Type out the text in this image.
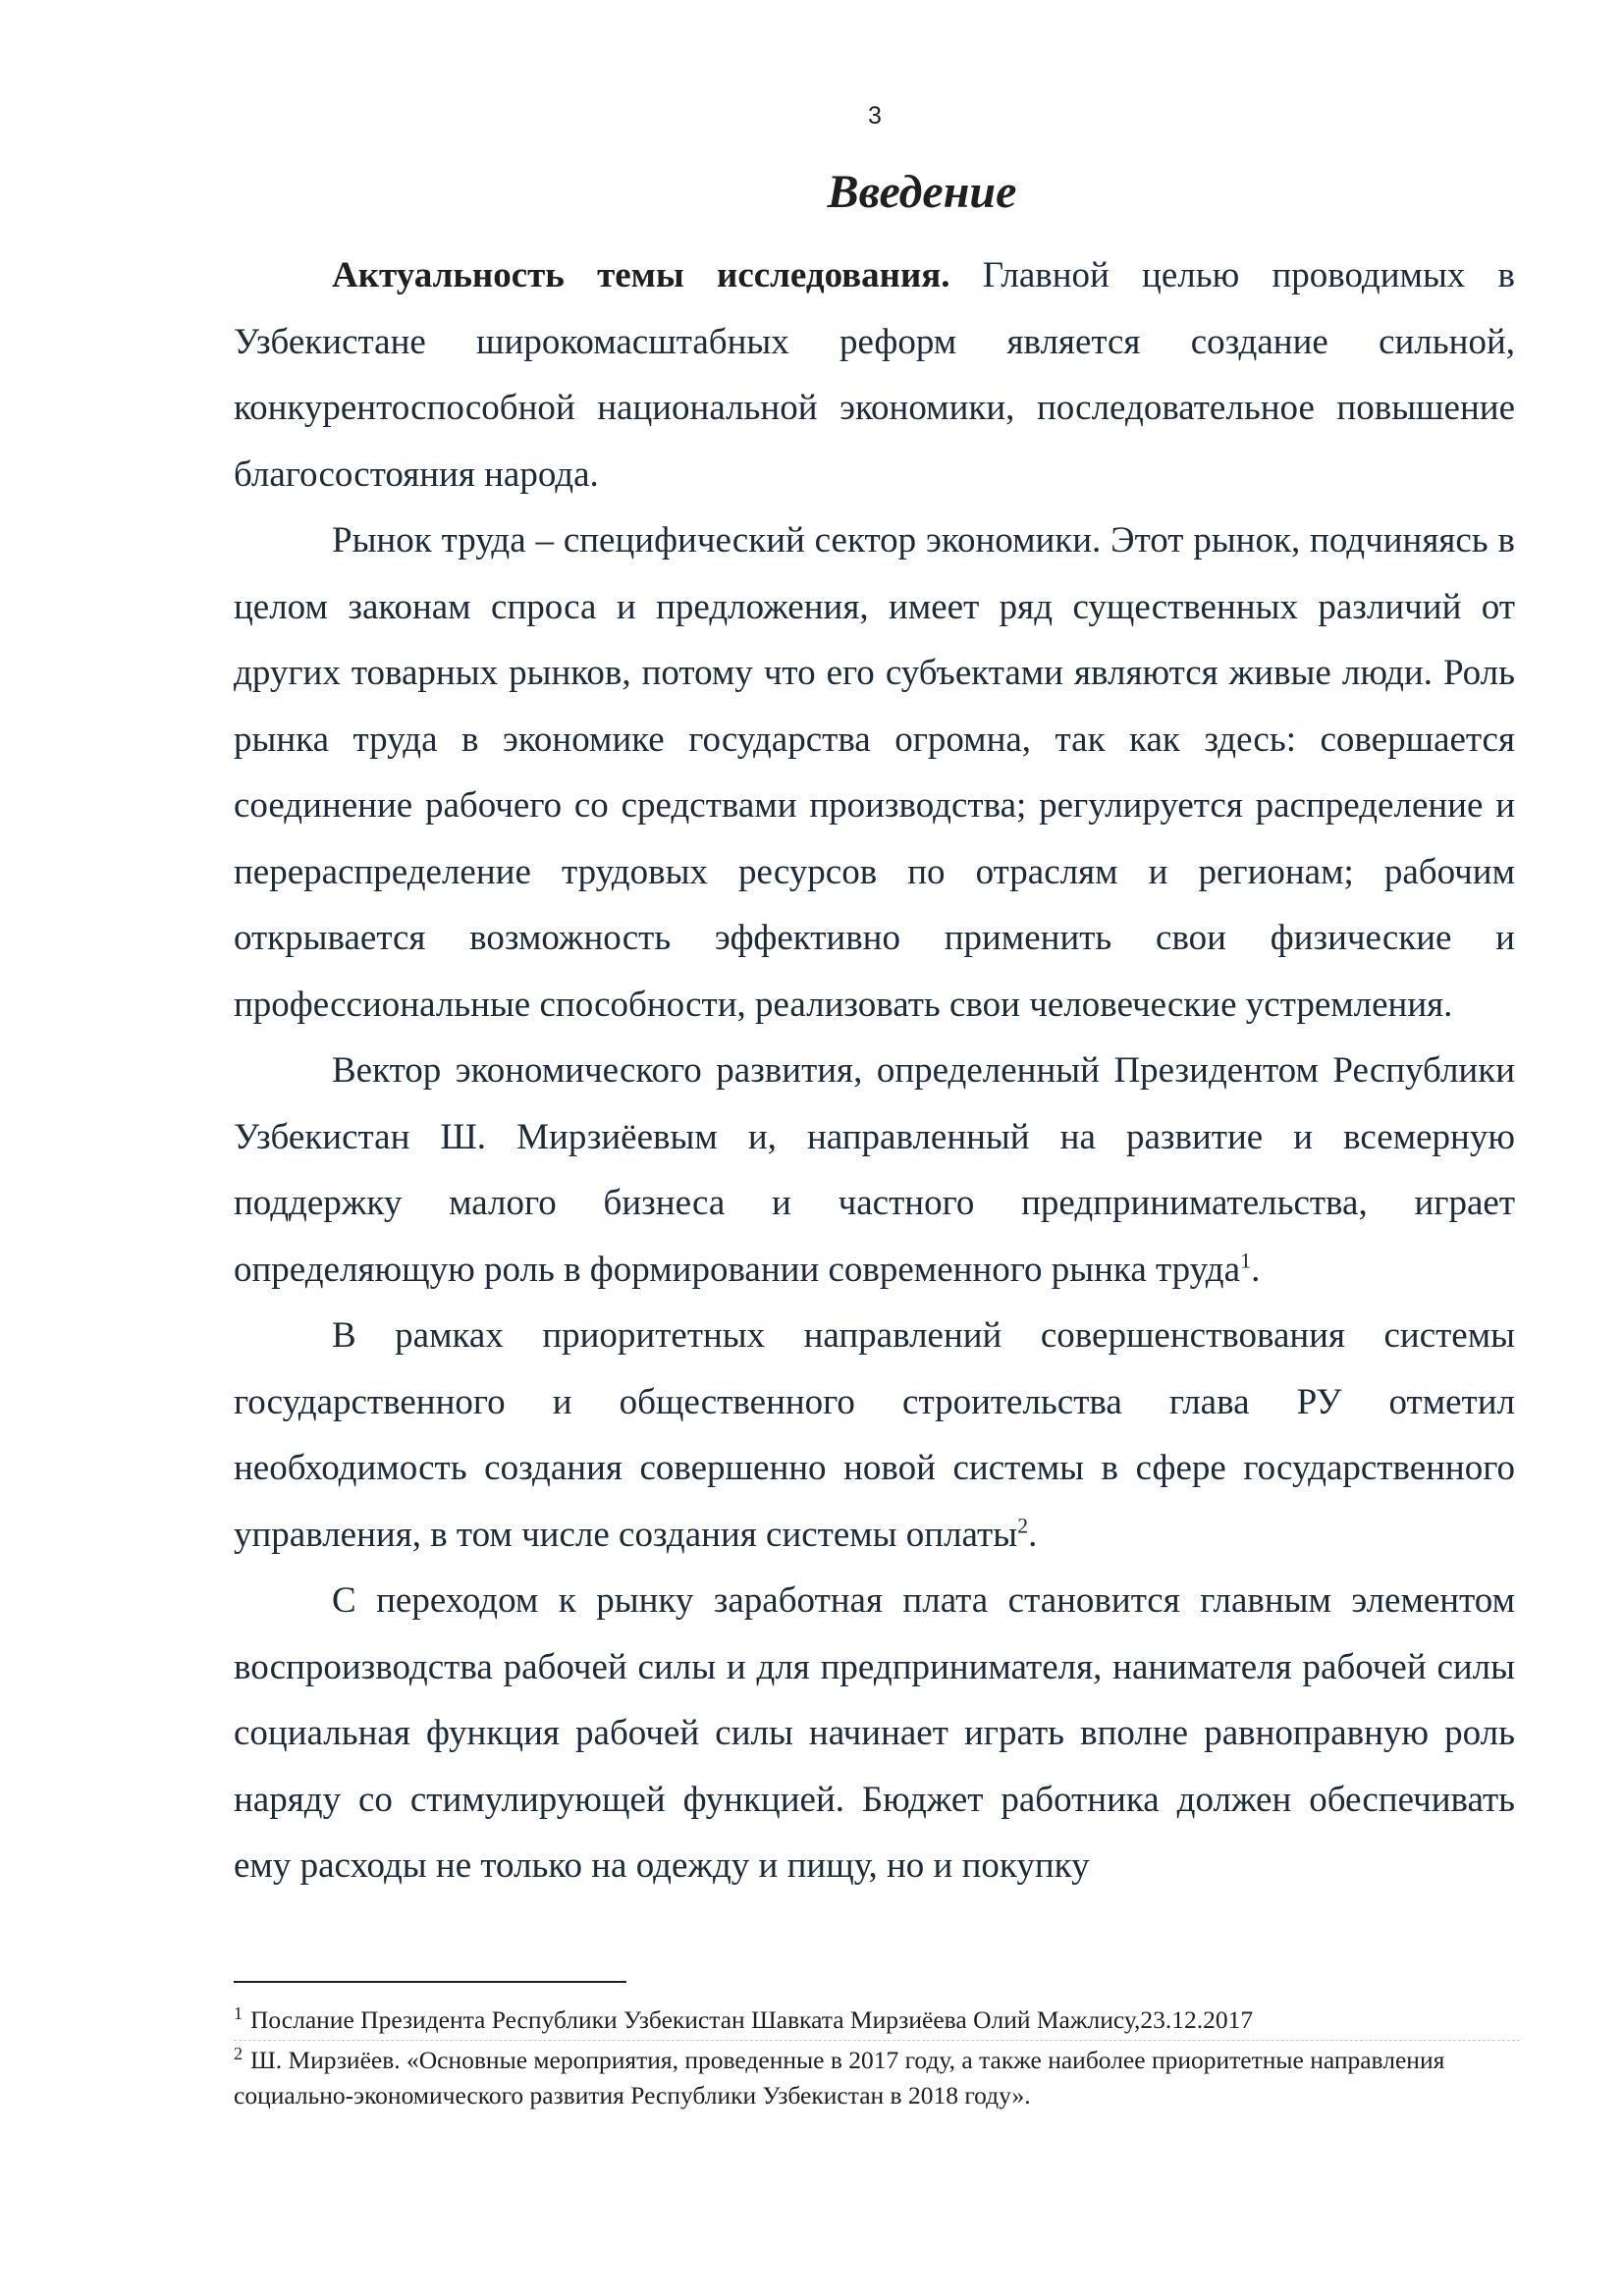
3
Введение

Актуальность темы исследования. Главной целью проводимых в Узбекистане широкомасштабных реформ является создание сильной, конкурентоспособной национальной экономики, последовательное повышение благосостояния народа.

Рынок труда – специфический сектор экономики. Этот рынок, подчиняясь в целом законам спроса и предложения, имеет ряд существенных различий от других товарных рынков, потому что его субъектами являются живые люди. Роль рынка труда в экономике государства огромна, так как здесь: совершается соединение рабочего со средствами производства; регулируется распределение и перераспределение трудовых ресурсов по отраслям и регионам; рабочим открывается возможность эффективно применить свои физические и профессиональные способности, реализовать свои человеческие устремления.

Вектор экономического развития, определенный Президентом Республики Узбекистан Ш. Мирзиёевым и, направленный на развитие и всемерную поддержку малого бизнеса и частного предпринимательства, играет определяющую роль в формировании современного рынка труда$^1$.

В рамках приоритетных направлений совершенствования системы государственного и общественного строительства глава РУ отметил необходимость создания совершенно новой системы в сфере государственного управления, в том числе создания системы оплаты$^2$.

С переходом к рынку заработная плата становится главным элементом воспроизводства рабочей силы и для предпринимателя, нанимателя рабочей силы социальная функция рабочей силы начинает играть вполне равноправную роль наряду со стимулирующей функцией. Бюджет работника должен обеспечивать ему расходы не только на одежду и пищу, но и покупку

$^1$ Послание Президента Республики Узбекистан Шавката Мирзиёева Олий Мажлису,23.12.2017

$^2$ Ш. Мирзиёев. «Основные мероприятия, проведенные в 2017 году, а также наиболее приоритетные направления социально-экономического развития Республики Узбекистан в 2018 году».
